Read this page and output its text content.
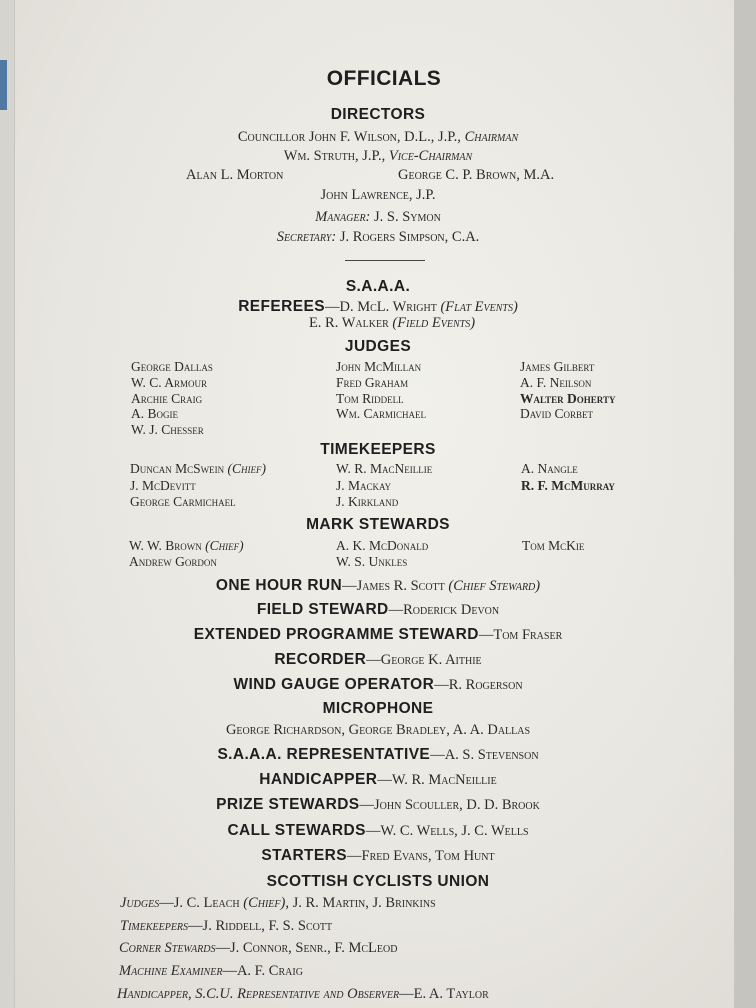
OFFICIALS
DIRECTORS
Councillor John F. Wilson, D.L., J.P., Chairman
Wm. Struth, J.P., Vice-Chairman
Alan L. Morton	George C. P. Brown, M.A.
John Lawrence, J.P.
Manager: J. S. Symon
Secretary: J. Rogers Simpson, C.A.
S.A.A.A.
REFEREES—D. McL. Wright (Flat Events)
E. R. Walker (Field Events)
JUDGES
George Dallas
W. C. Armour
Archie Craig
A. Bogie
W. J. Chesser
John McMillan
Fred Graham
Tom Riddell
Wm. Carmichael
James Gilbert
A. F. Neilson
Walter Doherty
David Corbet
TIMEKEEPERS
Duncan McSwein (Chief)
J. McDevitt
George Carmichael
W. R. MacNeillie
J. Mackay
J. Kirkland
A. Nangle
R. F. McMurray
MARK STEWARDS
W. W. Brown (Chief)
Andrew Gordon
A. K. McDonald
W. S. Unkles
Tom McKie
ONE HOUR RUN—James R. Scott (Chief Steward)
FIELD STEWARD—Roderick Devon
EXTENDED PROGRAMME STEWARD—Tom Fraser
RECORDER—George K. Aithie
WIND GAUGE OPERATOR—R. Rogerson
MICROPHONE
George Richardson, George Bradley, A. A. Dallas
S.A.A.A. REPRESENTATIVE—A. S. Stevenson
HANDICAPPER—W. R. MacNeillie
PRIZE STEWARDS—John Scouller, D. D. Brook
CALL STEWARDS—W. C. Wells, J. C. Wells
STARTERS—Fred Evans, Tom Hunt
SCOTTISH CYCLISTS UNION
Judges—J. C. Leach (Chief), J. R. Martin, J. Brinkins
Timekeepers—J. Riddell, F. S. Scott
Corner Stewards—J. Connor, Senr., F. McLeod
Machine Examiner—A. F. Craig
Handicapper, S.C.U. Representative and Observer—E. A. Taylor
